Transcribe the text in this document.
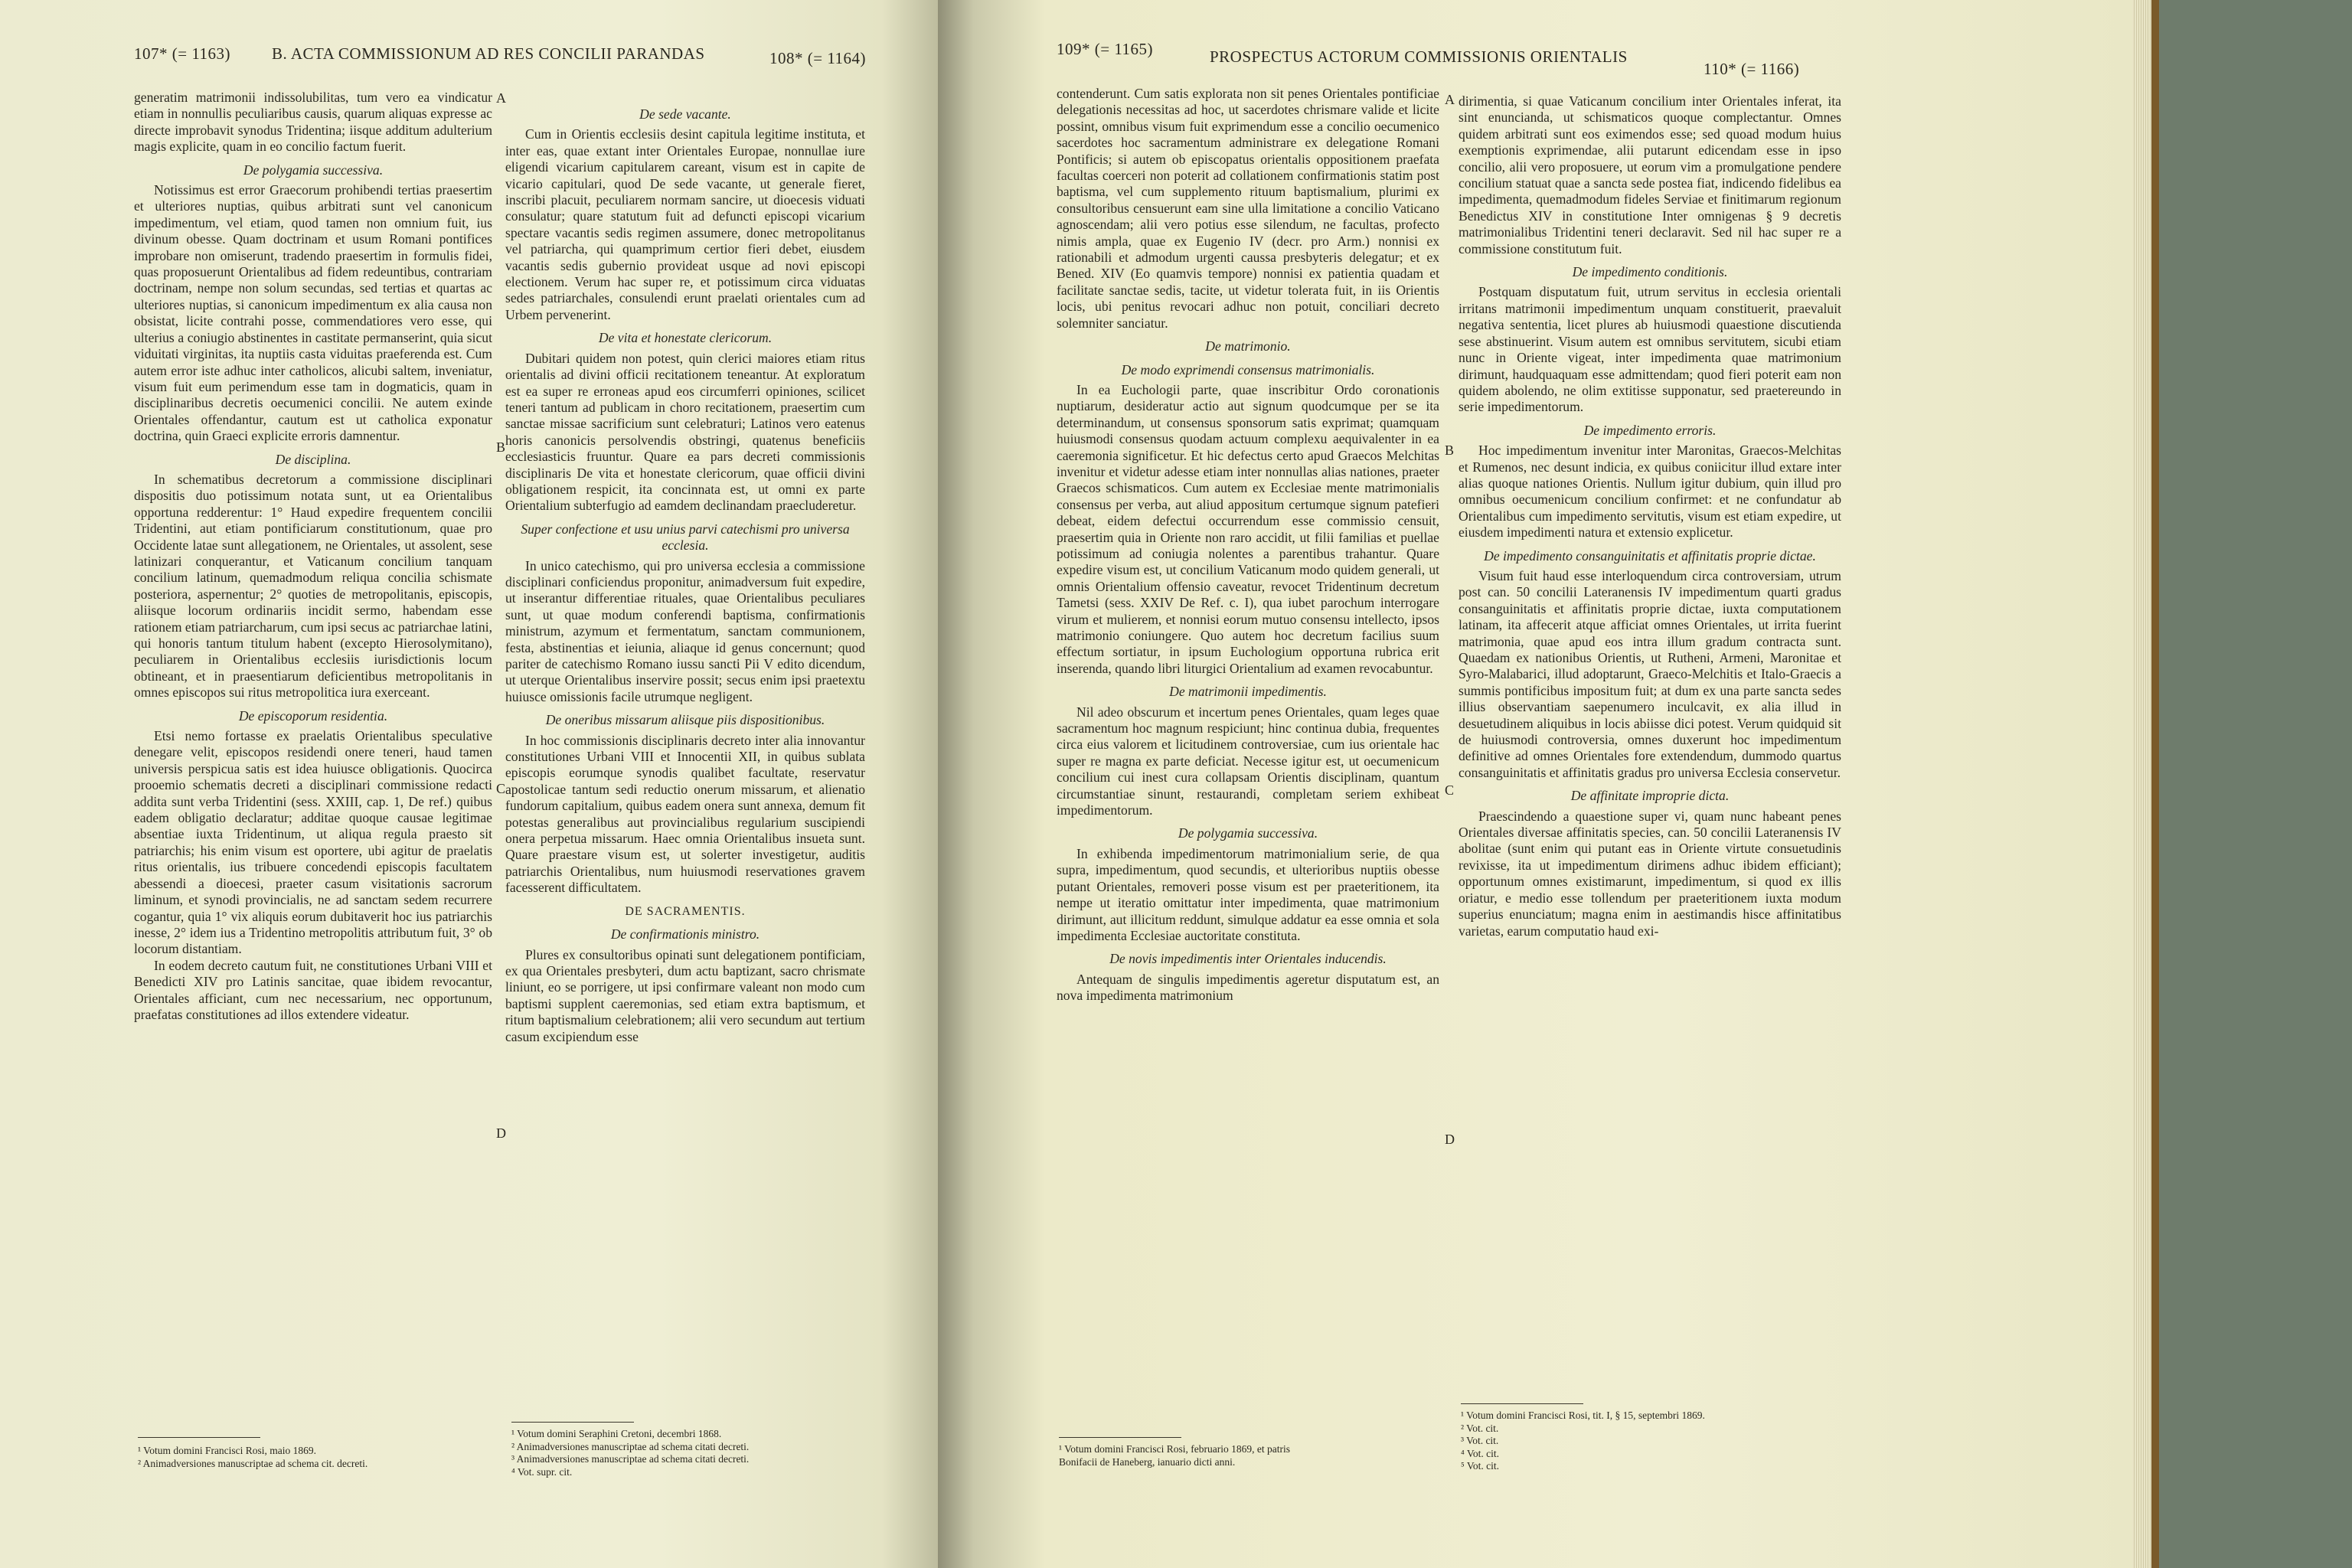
107* (= 1163)	B. ACTA COMMISSIONUM AD RES CONCILII PARANDAS	108* (= 1164)

generatim matrimonii indissolubilitas, tum vero ea vindicatur etiam in nonnullis peculiaribus causis, quarum aliquas expresse ac directe improbavit synodus Tridentina; iisque additum adulterium magis explicite, quam in eo concilio factum fuerit.

De polygamia successiva.

Notissimus est error Graecorum prohibendi tertias praesertim et ulteriores nuptias, quibus arbitrati sunt vel canonicum impedimentum, vel etiam, quod tamen non omnium fuit, ius divinum obesse. Quam doctrinam et usum Romani pontifices improbare non omiserunt, tradendo praesertim in formulis fidei, quas proposuerunt Orientalibus ad fidem redeuntibus, contrariam doctrinam, nempe non solum secundas, sed tertias et quartas ac ulteriores nuptias, si canonicum impedimentum ex alia causa non obsistat, licite contrahi posse, commendatiores vero esse, qui ulterius a coniugio abstinentes in castitate permanserint, quia sicut viduitati virginitas, ita nuptiis casta viduitas praeferenda est. Cum autem error iste adhuc inter catholicos, alicubi saltem, inveniatur, visum fuit eum perimendum esse tam in dogmaticis, quam in disciplinaribus decretis oecumenici concilii. Ne autem exinde Orientales offendantur, cautum est ut catholica exponatur doctrina, quin Graeci explicite erroris damnentur.

De disciplina.

In schematibus decretorum a commissione disciplinari dispositis duo potissimum notata sunt, ut ea Orientalibus opportuna redderentur: 1° Haud expedire frequentem concilii Tridentini, aut etiam pontificiarum constitutionum, quae pro Occidente latae sunt allegationem, ne Orientales, ut assolent, sese latinizari conquerantur, et Vaticanum concilium tanquam concilium latinum, quemadmodum reliqua concilia schismate posteriora, aspernentur; 2° quoties de metropolitanis, episcopis, aliisque locorum ordinariis incidit sermo, habendam esse rationem etiam patriarcharum, cum ipsi secus ac patriarchae latini, qui honoris tantum titulum habent (excepto Hierosolymitano), peculiarem in Orientalibus ecclesiis iurisdictionis locum obtineant, et in praesentiarum deficientibus metropolitanis in omnes episcopos sui ritus metropolitica iura exerceant.

De episcoporum residentia.

Etsi nemo fortasse ex praelatis Orientalibus speculative denegare velit, episcopos residendi onere teneri, haud tamen universis perspicua satis est idea huiusce obligationis. Quocirca prooemio schematis decreti a disciplinari commissione redacti addita sunt verba Tridentini (sess. XXIII, cap. 1, De ref.) quibus eadem obligatio declaratur; additae quoque causae legitimae absentiae iuxta Tridentinum, ut aliqua regula praesto sit patriarchis; his enim visum est oportere, ubi agitur de praelatis ritus orientalis, ius tribuere concedendi episcopis facultatem abessendi a dioecesi, praeter casum visitationis sacrorum liminum, et synodi provincialis, ne ad sanctam sedem recurrere cogantur, quia 1° vix aliquis eorum dubitaverit hoc ius patriarchis inesse, 2° idem ius a Tridentino metropolitis attributum fuit, 3° ob locorum distantiam.

In eodem decreto cautum fuit, ne constitutiones Urbani VIII et Benedicti XIV pro Latinis sancitae, quae ibidem revocantur, Orientales afficiant, cum nec necessarium, nec opportunum, praefatas constitutiones ad illos extendere videatur.

De sede vacante.

Cum in Orientis ecclesiis desint capitula legitime instituta, et inter eas, quae extant inter Orientales Europae, nonnullae iure eligendi vicarium capitularem careant, visum est in capite de vicario capitulari, quod De sede vacante, ut generale fieret, inscribi placuit, peculiarem normam sancire, ut dioecesis viduati consulatur; quare statutum fuit ad defuncti episcopi vicarium spectare vacantis sedis regimen assumere, donec metropolitanus vel patriarcha, qui quamprimum certior fieri debet, eiusdem vacantis sedis gubernio provideat usque ad novi episcopi electionem. Verum hac super re, et potissimum circa viduatas sedes patriarchales, consulendi erunt praelati orientales cum ad Urbem pervenerint.

De vita et honestate clericorum.

Dubitari quidem non potest, quin clerici maiores etiam ritus orientalis ad divini officii recitationem teneantur. At exploratum est ea super re erroneas apud eos circumferri opiniones, scilicet teneri tantum ad publicam in choro recitationem, praesertim cum sanctae missae sacrificium sunt celebraturi; Latinos vero eatenus horis canonicis persolvendis obstringi, quatenus beneficiis ecclesiasticis fruuntur. Quare ea pars decreti commissionis disciplinaris De vita et honestate clericorum, quae officii divini obligationem respicit, ita concinnata est, ut omni ex parte Orientalium subterfugio ad eamdem declinandam praecluderetur.

Super confectione et usu unius parvi catechismi pro universa ecclesia.

In unico catechismo, qui pro universa ecclesia a commissione disciplinari conficiendus proponitur, animadversum fuit expedire, ut inserantur differentiae rituales, quae Orientalibus peculiares sunt, ut quae modum conferendi baptisma, confirmationis ministrum, azymum et fermentatum, sanctam communionem, festa, abstinentias et ieiunia, aliaque id genus concernunt; quod pariter de catechismo Romano iussu sancti Pii V edito dicendum, ut uterque Orientalibus inservire possit; secus enim ipsi praetextu huiusce omissionis facile utrumque negligent.

De oneribus missarum aliisque piis dispositionibus.

In hoc commissionis disciplinaris decreto inter alia innovantur constitutiones Urbani VIII et Innocentii XII, in quibus sublata episcopis eorumque synodis qualibet facultate, reservatur apostolicae tantum sedi reductio onerum missarum, et alienatio fundorum capitalium, quibus eadem onera sunt annexa, demum fit potestas generalibus aut provincialibus regularium suscipiendi onera perpetua missarum. Haec omnia Orientalibus insueta sunt. Quare praestare visum est, ut solerter investigetur, auditis patriarchis Orientalibus, num huiusmodi reservationes gravem facesserent difficultatem.

DE SACRAMENTIS.
De confirmationis ministro.

Plures ex consultoribus opinati sunt delegationem pontificiam, ex qua Orientales presbyteri, dum actu baptizant, sacro chrismate liniunt, eo se porrigere, ut ipsi confirmare valeant non modo cum baptismi supplent caeremonias, sed etiam extra baptismum, et ritum baptismalium celebrationem; alii vero secundum aut tertium casum excipiendum esse

A
B
C
D
¹ Votum domini Francisci Rosi, maio 1869.
² Animadversiones manuscriptae ad schema cit. decreti.
¹ Votum domini Seraphini Cretoni, decembri 1868.
² Animadversiones manuscriptae ad schema citati decreti.
³ Animadversiones manuscriptae ad schema citati decreti.
⁴ Vot. supr. cit.
109* (= 1165)	PROSPECTUS ACTORUM COMMISSIONIS ORIENTALIS
110* (= 1166)

contenderunt. Cum satis explorata non sit penes Orientales pontificiae delegationis necessitas ad hoc, ut sacerdotes chrismare valide et licite possint, omnibus visum fuit exprimendum esse a concilio oecumenico sacerdotes hoc sacramentum administrare ex delegatione Romani Pontificis; si autem ob episcopatus orientalis oppositionem praefata facultas coerceri non poterit ad collationem confirmationis statim post baptisma, vel cum supplemento rituum baptismalium, plurimi ex consultoribus censuerunt eam sine ulla limitatione a concilio Vaticano agnoscendam; alii vero potius esse silendum, ne facultas, profecto nimis ampla, quae ex Eugenio IV (decr. pro Arm.) nonnisi ex rationabili et admodum urgenti caussa presbyteris delegatur; et ex Bened. XIV (Eo quamvis tempore) nonnisi ex patientia quadam et facilitate sanctae sedis, tacite, ut videtur tolerata fuit, in iis Orientis locis, ubi penitus revocari adhuc non potuit, conciliari decreto solemniter sanciatur.

De matrimonio.
De modo exprimendi consensus matrimonialis.

In ea Euchologii parte, quae inscribitur Ordo coronationis nuptiarum, desideratur actio aut signum quodcumque per se ita determinandum, ut consensus sponsorum satis exprimat; quamquam huiusmodi consensus quodam actuum complexu aequivalenter in ea caeremonia significetur. Et hic defectus certo apud Graecos Melchitas invenitur et videtur adesse etiam inter nonnullas alias nationes, praeter Graecos schismaticos. Cum autem ex Ecclesiae mente matrimonialis consensus per verba, aut aliud appositum certumque signum patefieri debeat, eidem defectui occurrendum esse commissio censuit, praesertim quia in Oriente non raro accidit, ut filii familias et puellae potissimum ad coniugia nolentes a parentibus trahantur. Quare expedire visum est, ut concilium Vaticanum modo quidem generali, ut omnis Orientalium offensio caveatur, revocet Tridentinum decretum Tametsi (sess. XXIV De Ref. c. I), qua iubet parochum interrogare virum et mulierem, et nonnisi eorum mutuo consensu intellecto, ipsos matrimonio coniungere. Quo autem hoc decretum facilius suum effectum sortiatur, in ipsum Euchologium opportuna rubrica erit inserenda, quando libri liturgici Orientalium ad examen revocabuntur.

De matrimonii impedimentis.

Nil adeo obscurum et incertum penes Orientales, quam leges quae sacramentum hoc magnum respiciunt; hinc continua dubia, frequentes circa eius valorem et licitudinem controversiae, cum ius orientale hac super re magna ex parte deficiat. Necesse igitur est, ut oecumenicum concilium cui inest cura collapsam Orientis disciplinam, quantum circumstantiae sinunt, restaurandi, completam seriem exhibeat impedimentorum.

De polygamia successiva.

In exhibenda impedimentorum matrimonialium serie, de qua supra, impedimentum, quod secundis, et ulterioribus nuptiis obesse putant Orientales, removeri posse visum est per praeteritionem, ita nempe ut iteratio omittatur inter impedimenta, quae matrimonium dirimunt, aut illicitum reddunt, simulque addatur ea esse omnia et sola impedimenta Ecclesiae auctoritate constituta.

De novis impedimentis inter Orientales inducendis.

Antequam de singulis impedimentis ageretur disputatum est, an nova impedimenta matrimonium

dirimentia, si quae Vaticanum concilium inter Orientales inferat, ita sint enuncianda, ut schismaticos quoque complectantur. Omnes quidem arbitrati sunt eos eximendos esse; sed quoad modum huius exemptionis exprimendae, alii putarunt edicendam esse in ipso concilio, alii vero proposuere, ut eorum vim a promulgatione pendere concilium statuat quae a sancta sede postea fiat, indicendo fidelibus ea impedimenta, quemadmodum fideles Serviae et finitimarum regionum Benedictus XIV in constitutione Inter omnigenas § 9 decretis matrimonialibus Tridentini teneri declaravit. Sed nil hac super re a commissione constitutum fuit.

De impedimento conditionis.

Postquam disputatum fuit, utrum servitus in ecclesia orientali irritans matrimonii impedimentum unquam constituerit, praevaluit negativa sententia, licet plures ab huiusmodi quaestione discutienda sese abstinuerint. Visum autem est omnibus servitutem, sicubi etiam nunc in Oriente vigeat, inter impedimenta quae matrimonium dirimunt, haudquaquam esse admittendam; quod fieri poterit eam non quidem abolendo, ne olim extitisse supponatur, sed praetereundo in serie impedimentorum.

De impedimento erroris.

Hoc impedimentum invenitur inter Maronitas, Graecos-Melchitas et Rumenos, nec desunt indicia, ex quibus coniicitur illud extare inter alias quoque nationes Orientis. Nullum igitur dubium, quin illud pro omnibus oecumenicum concilium confirmet: et ne confundatur ab Orientalibus cum impedimento servitutis, visum est etiam expedire, ut eiusdem impedimenti natura et extensio explicetur.

De impedimento consanguinitatis et affinitatis proprie dictae.

Visum fuit haud esse interloquendum circa controversiam, utrum post can. 50 concilii Lateranensis IV impedimentum quarti gradus consanguinitatis et affinitatis proprie dictae, iuxta computationem latinam, ita affecerit atque afficiat omnes Orientales, ut irrita fuerint matrimonia, quae apud eos intra illum gradum contracta sunt. Quaedam ex nationibus Orientis, ut Rutheni, Armeni, Maronitae et Syro-Malabarici, illud adoptarunt, Graeco-Melchitis et Italo-Graecis a summis pontificibus impositum fuit; at dum ex una parte sancta sedes illius observantiam saepenumero inculcavit, ex alia illud in desuetudinem aliquibus in locis abiisse dici potest. Verum quidquid sit de huiusmodi controversia, omnes duxerunt hoc impedimentum definitive ad omnes Orientales fore extendendum, dummodo quartus consanguinitatis et affinitatis gradus pro universa Ecclesia conservetur.

De affinitate improprie dicta.

Praescindendo a quaestione super vi, quam nunc habeant penes Orientales diversae affinitatis species, can. 50 concilii Lateranensis IV abolitae (sunt enim qui putant eas in Oriente virtute consuetudinis revixisse, ita ut impedimentum dirimens adhuc ibidem efficiant); opportunum omnes existimarunt, impedimentum, si quod ex illis oriatur, e medio esse tollendum per praeteritionem iuxta modum superius enunciatum; magna enim in aestimandis hisce affinitatibus varietas, earum computatio haud exi-

A
B
C
D
¹ Votum domini Francisci Rosi, februario 1869, et patris
Bonifacii de Haneberg, ianuario dicti anni.
¹ Votum domini Francisci Rosi, tit. I, § 15, septembri 1869.
² Vot. cit.
³ Vot. cit.
⁴ Vot. cit.
⁵ Vot. cit.
